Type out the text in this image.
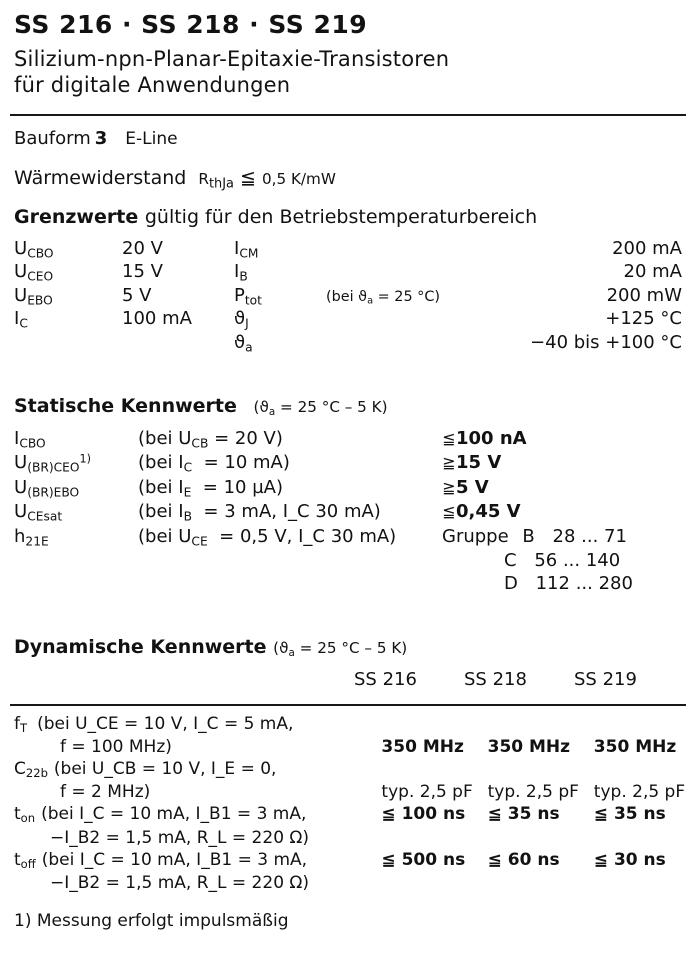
SS 216 · SS 218 · SS 219
Silizium-npn-Planar-Epitaxie-Transistoren
für digitale Anwendungen
Bauform 3 E-Line
Wärmewiderstand $R_{thJa}$ ≦ 0,5 K/mW
Grenzwerte gültig für den Betriebstemperaturbereich
$U_{CBO}$	20 V	$I_{CM}$		200 mA
$U_{CEO}$	15 V	$I_B$		20 mA
$U_{EBO}$	5 V	$P_{tot}$	(bei $ϑ_a = 25$ °C)	200 mW
$I_C$	100 mA	$ϑ_J$		+125 °C
		$ϑ_a$		−40 bis +100 °C
Statische Kennwerte ($ϑ_a = 25$ °C – 5 K)
$I_{CBO}$	(bei $U_{CB} = 20$ V)	≦100 nA
$U_{(BR)CEO}^{1)}$	(bei $I_C = 10$ mA)	≧15 V
$U_{(BR)EBO}$	(bei $I_E = 10$ µA)	≧5 V
$U_{CEsat}$	(bei $I_B = 3$ mA, I_C 30 mA)	≦0,45 V
$h_{21E}$	(bei $U_{CE} = 0,5$ V, I_C 30 mA)	Gruppe B 28 ... 71
		C 56 ... 140
		D 112 ... 280
Dynamische Kennwerte ($ϑ_a = 25$ °C – 5 K)
	SS 216	SS 218	SS 219
$f_T$ (bei U_CE = 10 V, I_C = 5 mA,			
f = 100 MHz)	350 MHz	350 MHz	350 MHz
$C_{22b}$ (bei U_CB = 10 V, I_E = 0,			
f = 2 MHz)	typ. 2,5 pF	typ. 2,5 pF	typ. 2,5 pF
$t_{on}$ (bei I_C = 10 mA, I_B1 = 3 mA,	≦ 100 ns	≦ 35 ns	≦ 35 ns
−I_B2 = 1,5 mA, R_L = 220 Ω)			
$t_{off}$ (bei I_C = 10 mA, I_B1 = 3 mA,	≦ 500 ns	≦ 60 ns	≦ 30 ns
−I_B2 = 1,5 mA, R_L = 220 Ω)			
1) Messung erfolgt impulsmäßig
